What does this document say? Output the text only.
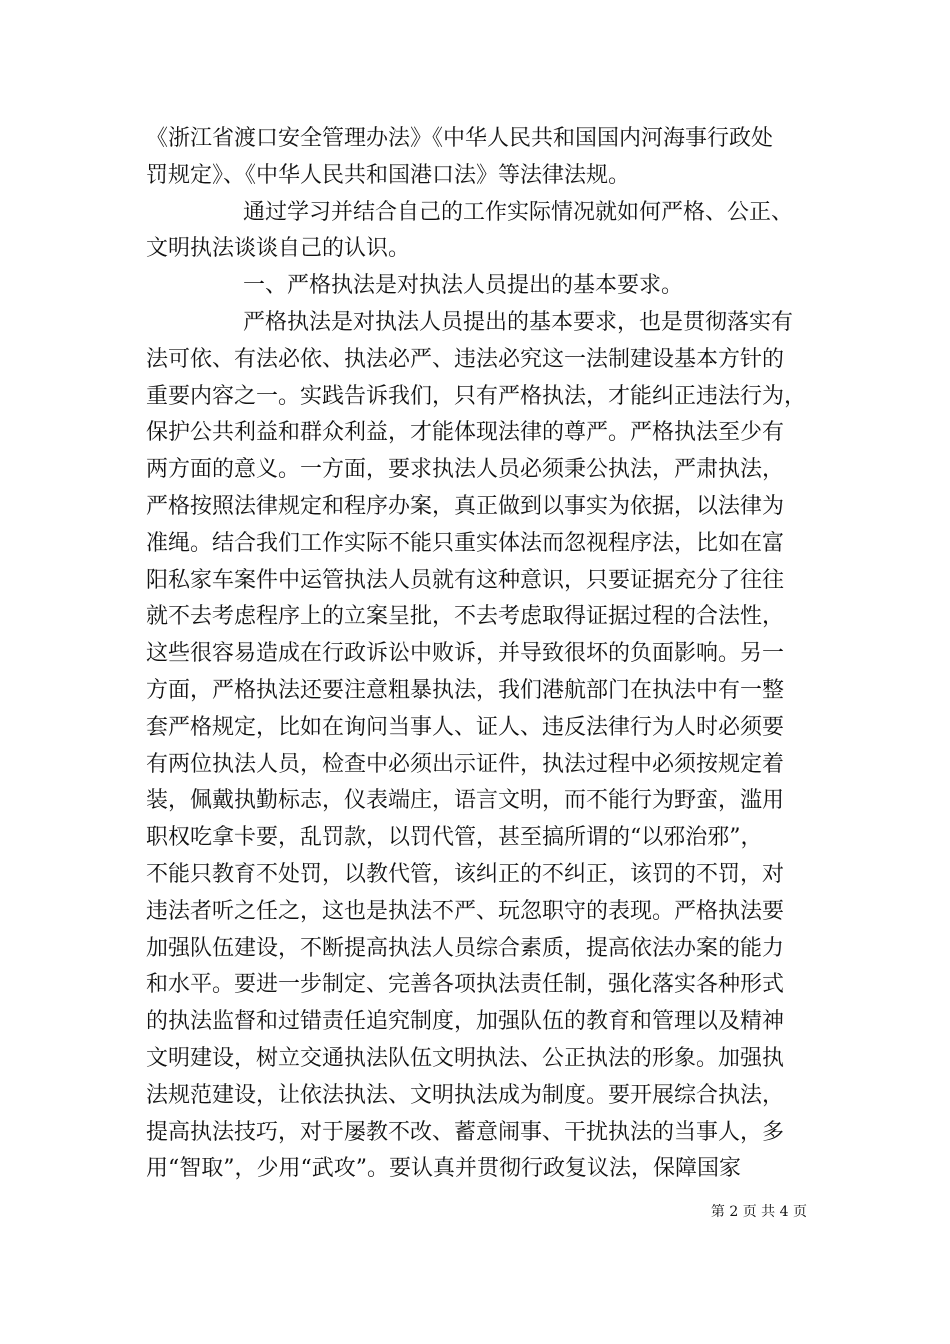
《浙江省渡口安全管理办法》《中华人民共和国国内河海事行政处
罚规定》、《中华人民共和国港口法》等法律法规。
通过学习并结合自己的工作实际情况就如何严格、公正、
文明执法谈谈自己的认识。
一、严格执法是对执法人员提出的基本要求。
严格执法是对执法人员提出的基本要求，也是贯彻落实有
法可依、有法必依、执法必严、违法必究这一法制建设基本方针的
重要内容之一。实践告诉我们，只有严格执法，才能纠正违法行为，
保护公共利益和群众利益，才能体现法律的尊严。严格执法至少有
两方面的意义。一方面，要求执法人员必须秉公执法，严肃执法，
严格按照法律规定和程序办案，真正做到以事实为依据，以法律为
准绳。结合我们工作实际不能只重实体法而忽视程序法，比如在富
阳私家车案件中运管执法人员就有这种意识，只要证据充分了往往
就不去考虑程序上的立案呈批，不去考虑取得证据过程的合法性，
这些很容易造成在行政诉讼中败诉，并导致很坏的负面影响。另一
方面，严格执法还要注意粗暴执法，我们港航部门在执法中有一整
套严格规定，比如在询问当事人、证人、违反法律行为人时必须要
有两位执法人员，检查中必须出示证件，执法过程中必须按规定着
装，佩戴执勤标志，仪表端庄，语言文明，而不能行为野蛮，滥用
职权吃拿卡要，乱罚款，以罚代管，甚至搞所谓的“以邪治邪”，
不能只教育不处罚，以教代管，该纠正的不纠正，该罚的不罚，对
违法者听之任之，这也是执法不严、玩忽职守的表现。严格执法要
加强队伍建设，不断提高执法人员综合素质，提高依法办案的能力
和水平。要进一步制定、完善各项执法责任制，强化落实各种形式
的执法监督和过错责任追究制度，加强队伍的教育和管理以及精神
文明建设，树立交通执法队伍文明执法、公正执法的形象。加强执
法规范建设，让依法执法、文明执法成为制度。要开展综合执法，
提高执法技巧，对于屡教不改、蓄意闹事、干扰执法的当事人，多
用“智取”，少用“武攻”。要认真并贯彻行政复议法，保障国家
第 2 页 共 4 页
